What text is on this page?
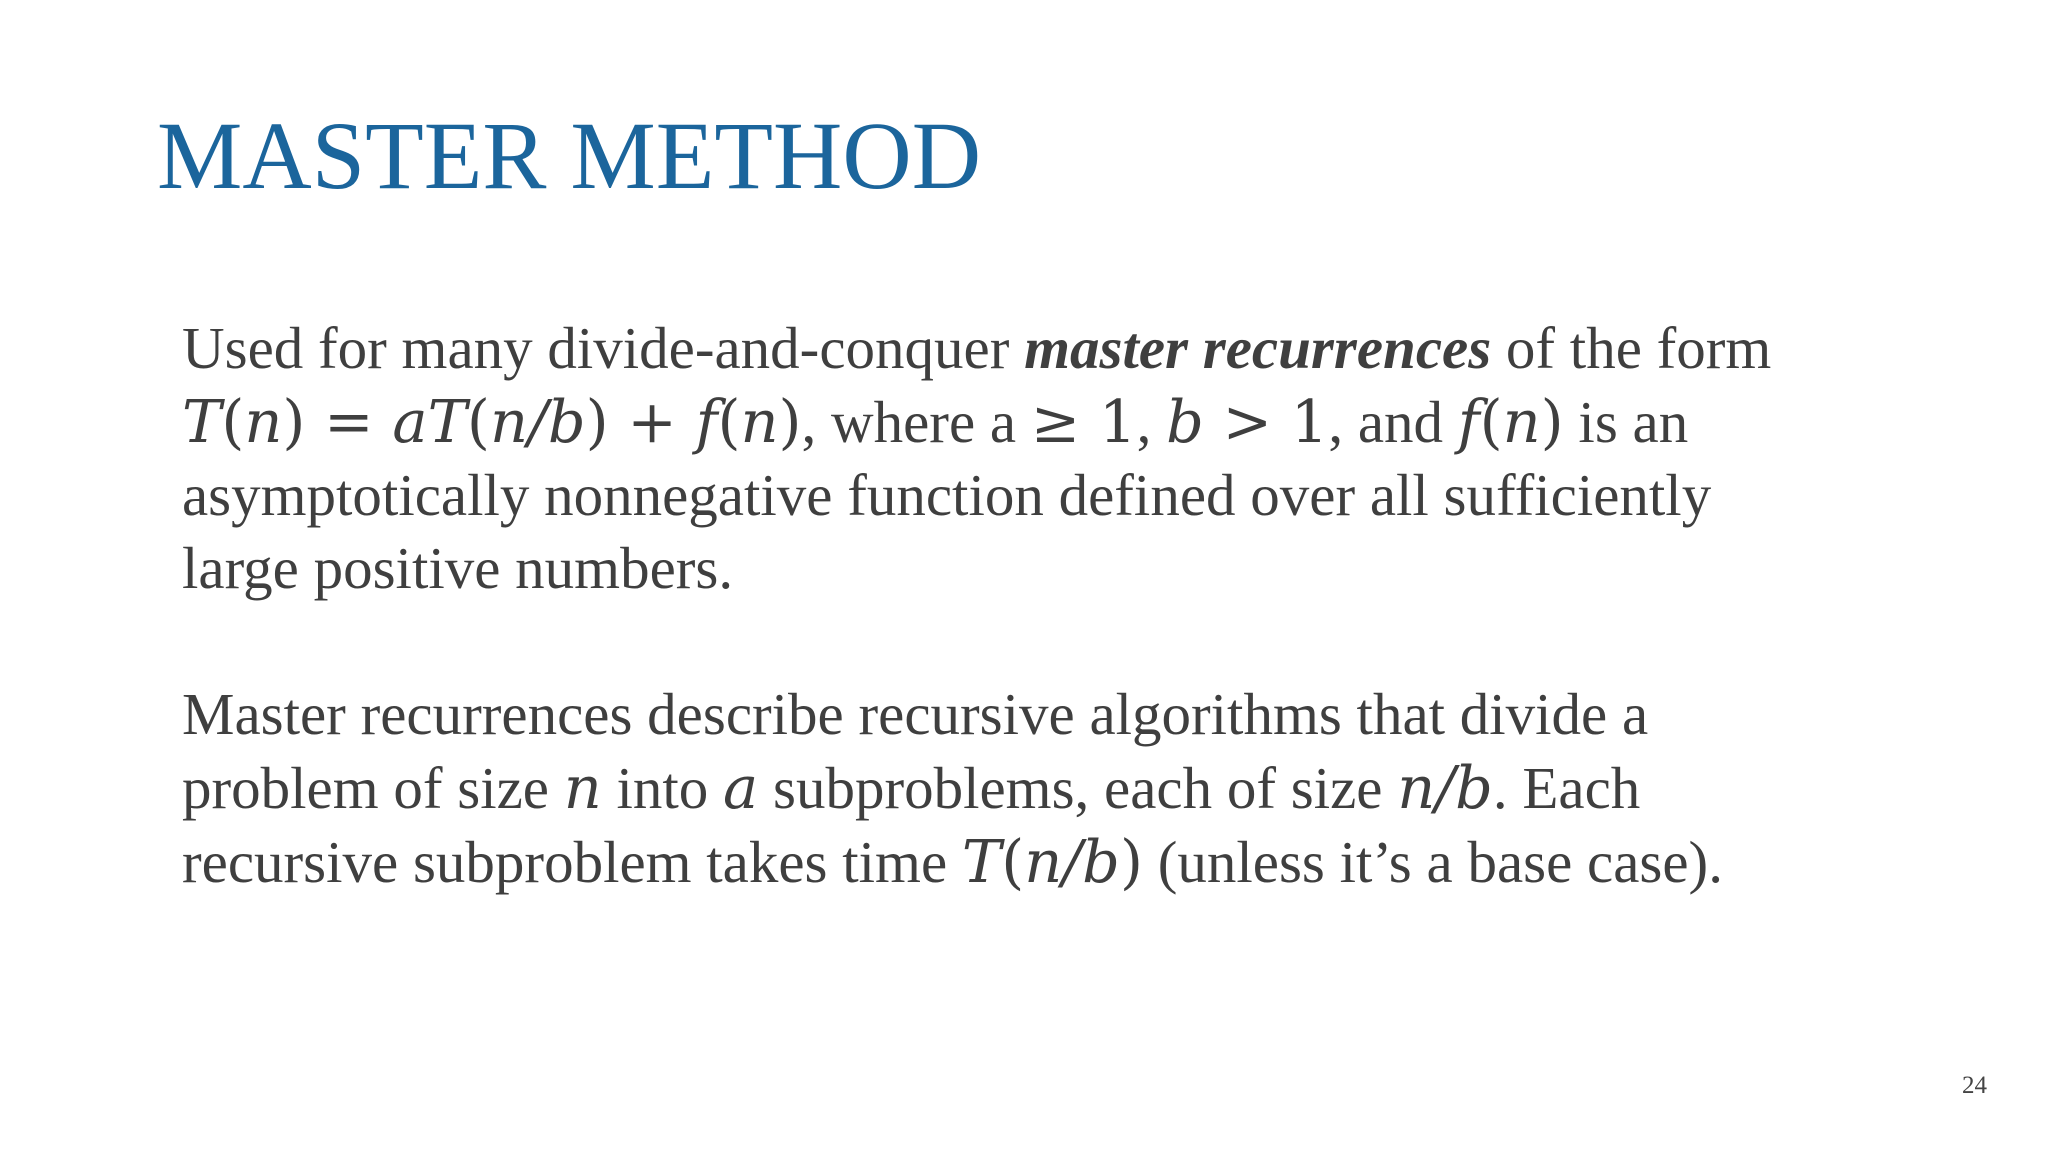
MASTER METHOD

Used for many divide-and-conquer master recurrences of the form
T(n) = aT(n/b) + f(n), where a ≥ 1, b > 1, and f(n) is an
asymptotically nonnegative function defined over all sufficiently
large positive numbers.

Master recurrences describe recursive algorithms that divide a
problem of size n into a subproblems, each of size n/b. Each
recursive subproblem takes time T(n/b) (unless it’s a base case).

24
